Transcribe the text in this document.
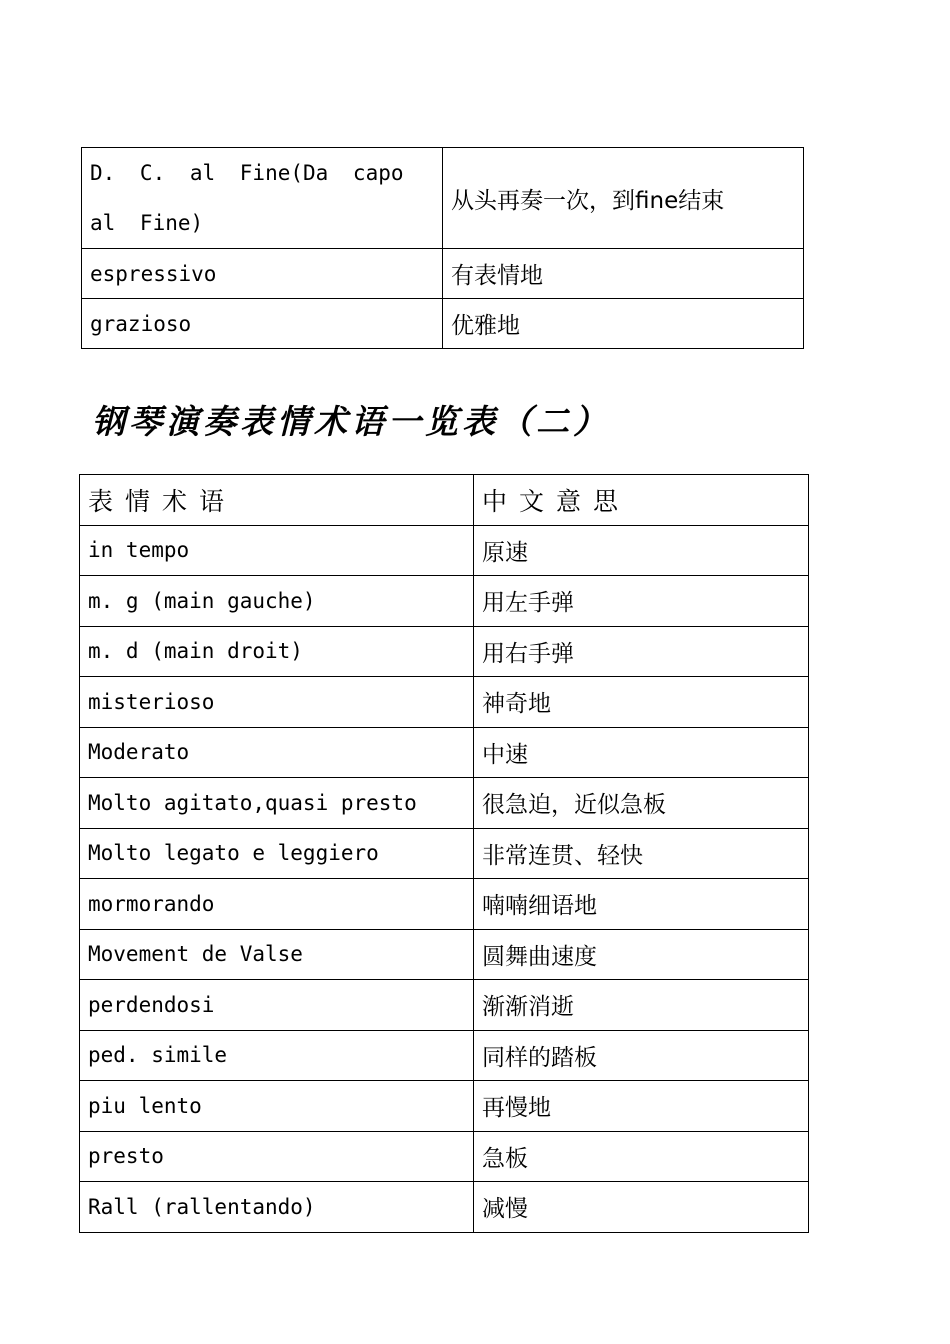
D. C. al Fine(Da capo al Fine)	从头再奏一次，到fine结束
espressivo	有表情地
grazioso	优雅地
钢琴演奏表情术语一览表（二）
表情术语	中文意思
in tempo	原速
m. g (main gauche)	用左手弹
m. d (main droit)	用右手弹
misterioso	神奇地
Moderato	中速
Molto agitato,quasi presto	很急迫，近似急板
Molto legato e leggiero	非常连贯、轻快
mormorando	喃喃细语地
Movement de Valse	圆舞曲速度
perdendosi	渐渐消逝
ped. simile	同样的踏板
piu lento	再慢地
presto	急板
Rall (rallentando)	减慢
